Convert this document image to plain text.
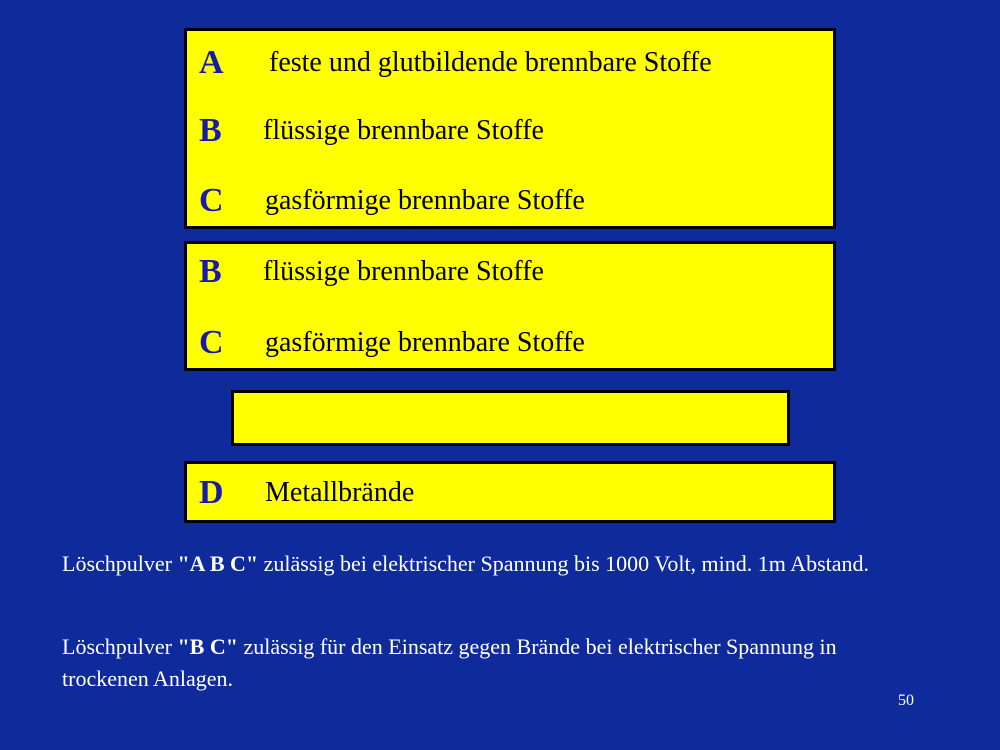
A feste und glutbildende brennbare Stoffe
B flüssige brennbare Stoffe
C gasförmige brennbare Stoffe
B flüssige brennbare Stoffe
C gasförmige brennbare Stoffe
D Metallbrände
Löschpulver "A B C" zulässig bei elektrischer Spannung bis 1000 Volt, mind. 1m Abstand.
Löschpulver "B C" zulässig für den Einsatz gegen Brände bei elektrischer Spannung in trockenen Anlagen.
50
